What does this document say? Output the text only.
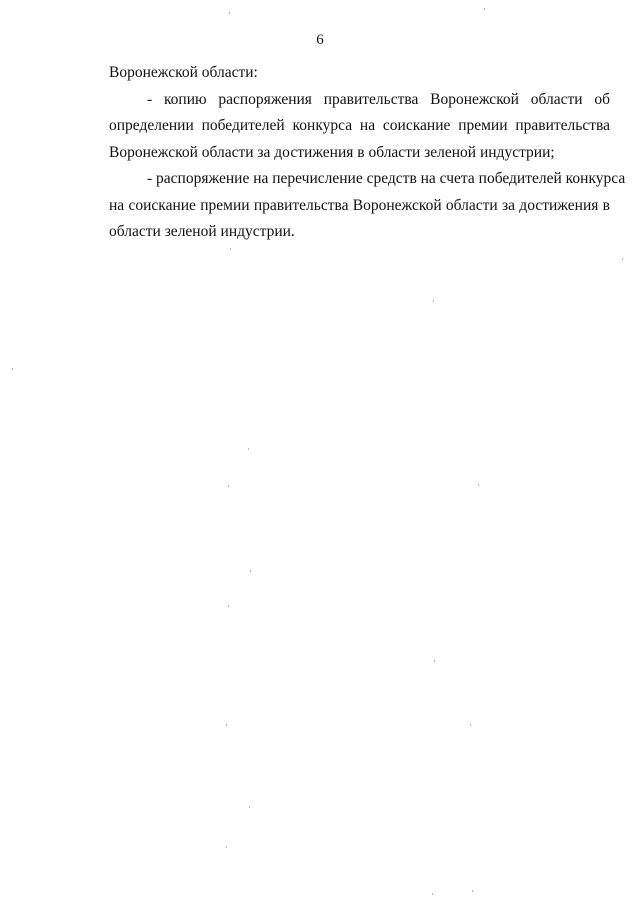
6
Воронежской области:
- копию распоряжения правительства Воронежской области об
определении победителей конкурса на соискание премии правительства
Воронежской области за достижения в области зеленой индустрии;
- распоряжение на перечисление средств на счета победителей конкурса
на соискание премии правительства Воронежской области за достижения в
области зеленой индустрии.
